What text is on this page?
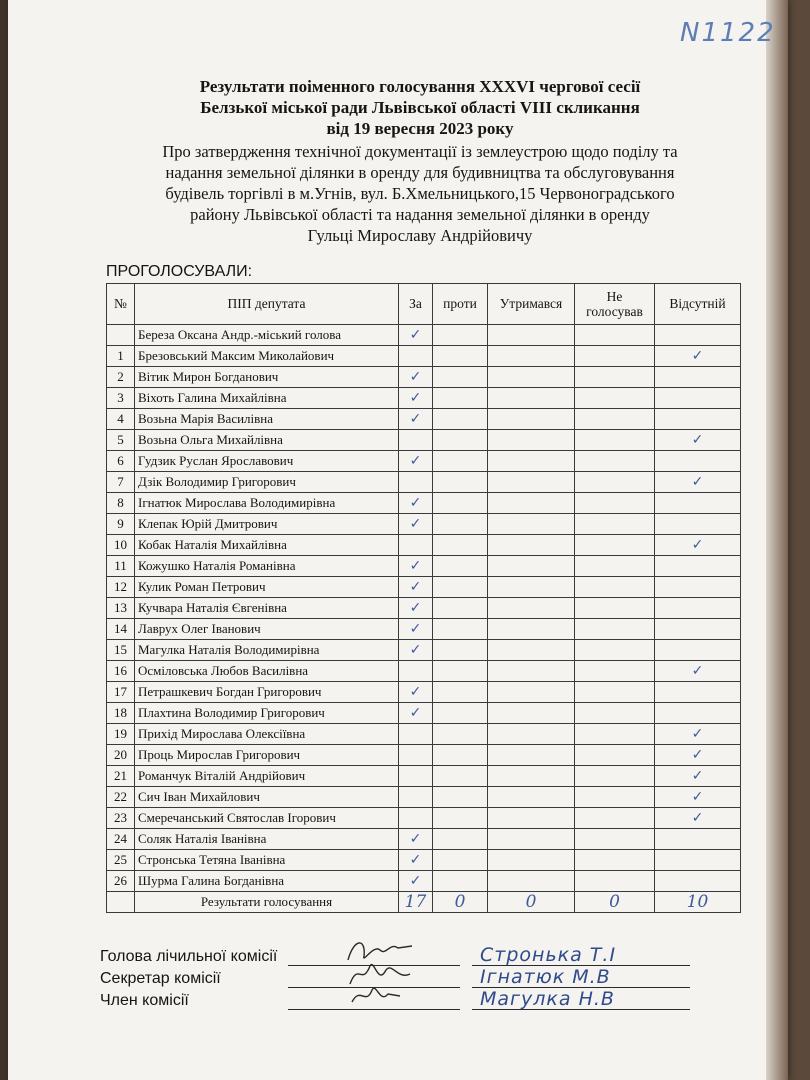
N1122
Результати поіменного голосування XXXVI чергової сесії
Белзької міської ради Львівської області VIII скликання
від 19 вересня 2023 року
Про затвердження технічної документації із землеустрою щодо поділу та
надання земельної ділянки в оренду для будивництва та обслуговування
будівель торгівлі в м.Угнів, вул. Б.Хмельницького,15 Червоноградського
району Львівської області та надання земельної ділянки в оренду
Гульці Мирославу Андрійовичу
ПРОГОЛОСУВАЛИ:
№	ПІП депутата	За	проти	Утримався	Не голосував	Відсутній
	Береза Оксана Андр.-міський голова	✓				
1	Брезовський Максим Миколайович					✓
2	Вітик Мирон Богданович	✓				
3	Віхоть Галина Михайлівна	✓				
4	Возьна Марія Василівна	✓				
5	Возьна Ольга Михайлівна					✓
6	Гудзик Руслан Ярославович	✓				
7	Дзік Володимир Григорович					✓
8	Ігнатюк Мирослава Володимирівна	✓				
9	Клепак Юрій Дмитрович	✓				
10	Кобак Наталія Михайлівна					✓
11	Кожушко Наталія Романівна	✓				
12	Кулик Роман Петрович	✓				
13	Кучвара Наталія Євгенівна	✓				
14	Лаврух Олег Іванович	✓				
15	Магулка Наталія Володимирівна	✓				
16	Осміловська Любов Василівна					✓
17	Петрашкевич Богдан Григорович	✓				
18	Плахтина Володимир Григорович	✓				
19	Прихід Мирослава Олексіївна					✓
20	Проць Мирослав Григорович					✓
21	Романчук Віталій Андрійович					✓
22	Сич Іван Михайлович					✓
23	Смеречанський Святослав Ігорович					✓
24	Соляк Наталія Іванівна	✓				
25	Стронська Тетяна Іванівна	✓				
26	Шурма Галина Богданівна	✓				
	Результати голосування	17	0	0	0	10
Голова лічильної комісії	Стронька Т.І
Секретар комісії	Ігнатюк М.В
Член комісії	Магулка Н.В
